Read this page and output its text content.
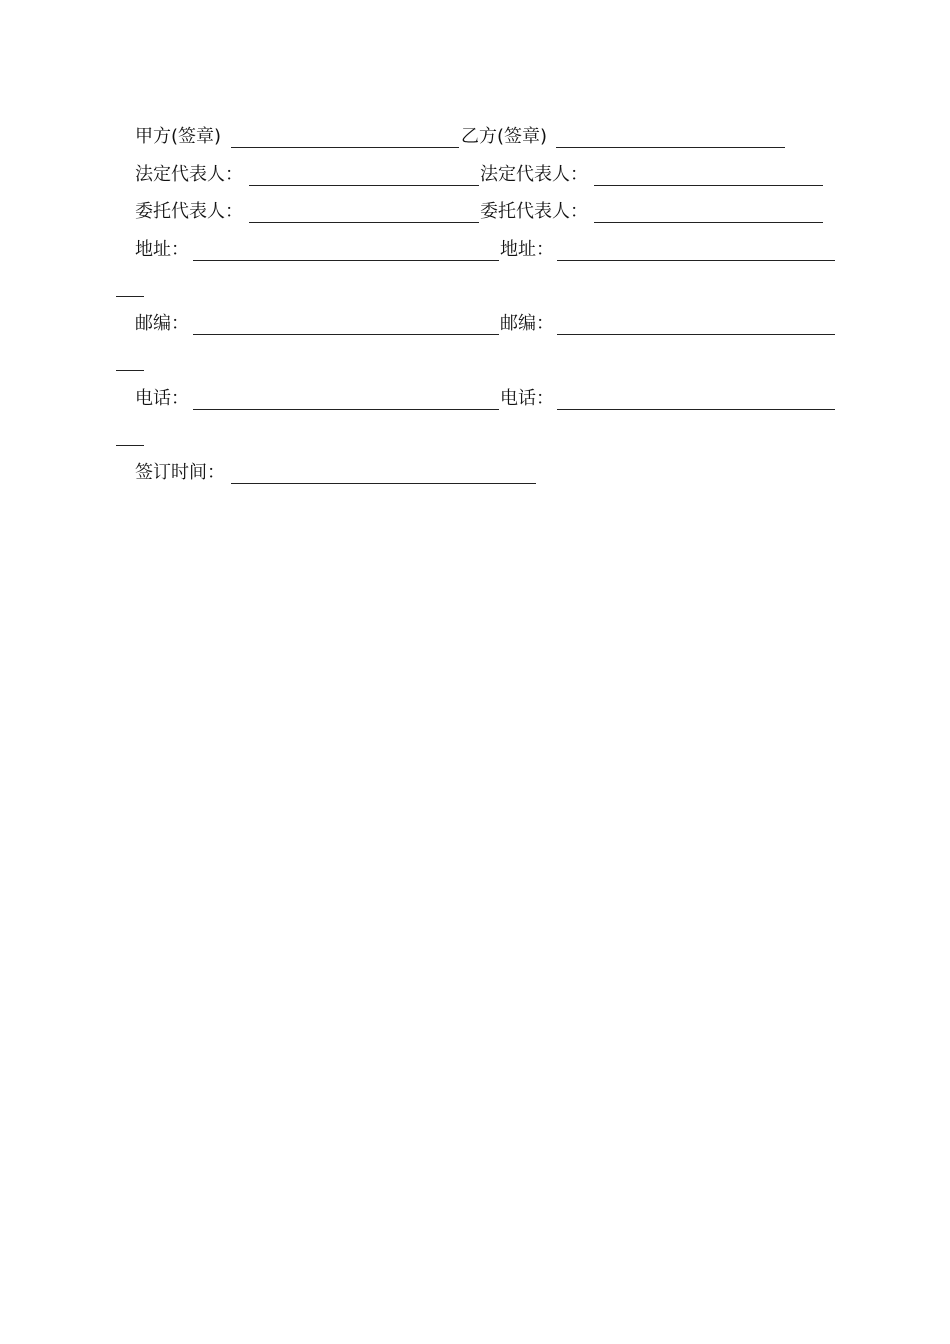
甲方(签章)	乙方(签章)
法定代表人：	法定代表人：
委托代表人：	委托代表人：
地址：	地址：
邮编：	邮编：
电话：	电话：
签订时间：
